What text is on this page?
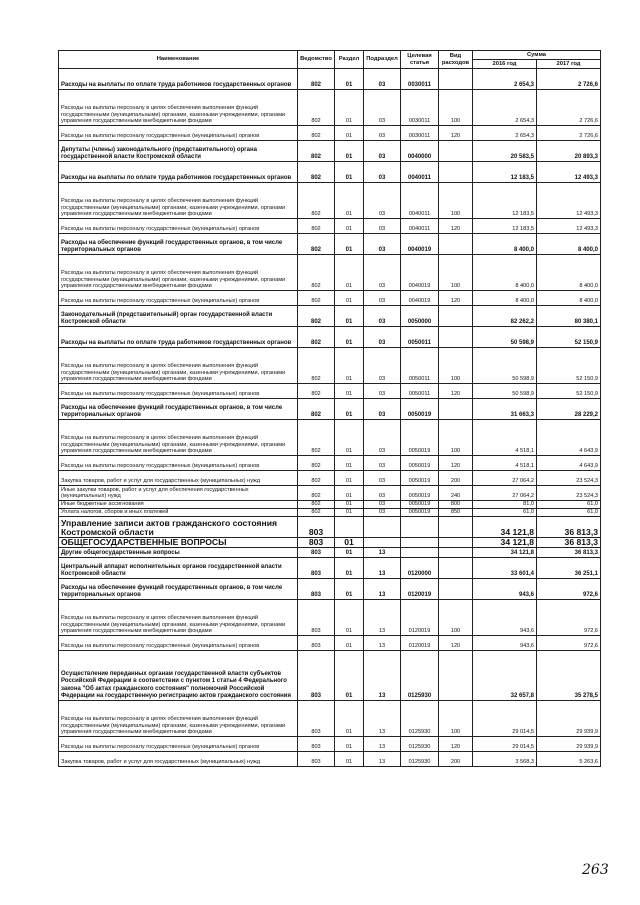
Наименование	Ведомство	Раздел	Подраздел	Целевая статья	Вид расходов	Сумма	
						2016 год	2017 год
Расходы на выплаты по оплате труда работников государственных органов	802	01	03	0030011		2 654,3	2 726,6
Расходы на выплаты персоналу в целях обеспечения выполнения функций государственными (муниципальными) органами, казенными учреждениями, органами управления государственными внебюджетными фондами	802	01	03	0030011	100	2 654,3	2 726,6
Расходы на выплаты персоналу государственных (муниципальных) органов	802	01	03	0030011	120	2 654,3	2 726,6
Депутаты (члены) законодательного (представительного) органа государственной власти Костромской области	802	01	03	0040000		20 583,5	20 893,3
Расходы на выплаты по оплате труда работников государственных органов	802	01	03	0040011		12 183,5	12 493,3
Расходы на выплаты персоналу в целях обеспечения выполнения функций государственными (муниципальными) органами, казенными учреждениями, органами управления государственными внебюджетными фондами	802	01	03	0040011	100	12 183,5	12 493,3
Расходы на выплаты персоналу государственных (муниципальных) органов	802	01	03	0040011	120	12 183,5	12 493,3
Расходы на обеспечение функций государственных органов, в том числе территориальных органов	802	01	03	0040019		8 400,0	8 400,0
Расходы на выплаты персоналу в целях обеспечения выполнения функций государственными (муниципальными) органами, казенными учреждениями, органами управления государственными внебюджетными фондами	802	01	03	0040019	100	8 400,0	8 400,0
Расходы на выплаты персоналу государственных (муниципальных) органов	802	01	03	0040019	120	8 400,0	8 400,0
Законодательный (представительный) орган государственной власти Костромской области	802	01	03	0050000		82 262,2	80 380,1
Расходы на выплаты по оплате труда работников государственных органов	802	01	03	0050011		50 598,9	52 150,9
Расходы на выплаты персоналу в целях обеспечения выполнения функций государственными (муниципальными) органами, казенными учреждениями, органами управления государственными внебюджетными фондами	802	01	03	0050011	100	50 598,9	52 150,9
Расходы на выплаты персоналу государственных (муниципальных) органов	802	01	03	0050011	120	50 598,9	52 150,9
Расходы на обеспечение функций государственных органов, в том числе территориальных органов	802	01	03	0050019		31 663,3	28 229,2
Расходы на выплаты персоналу в целях обеспечения выполнения функций государственными (муниципальными) органами, казенными учреждениями, органами управления государственными внебюджетными фондами	802	01	03	0050019	100	4 518,1	4 643,9
Расходы на выплаты персоналу государственных (муниципальных) органов	802	01	03	0050019	120	4 518,1	4 643,9
Закупка товаров, работ и услуг для государственных (муниципальных) нужд	802	01	03	0050019	200	27 064,2	23 524,3
Иные закупки товаров, работ и услуг для обеспечения государственных (муниципальных) нужд	802	01	03	0050019	240	27 064,2	23 524,3
Иные бюджетные ассигнования	802	01	03	0050019	800	81,0	61,0
Уплата налогов, сборов и иных платежей	802	01	03	0050019	850	61,0	61,0
Управление записи актов гражданского состояния Костромской области	803					34 121,8	36 813,3
ОБЩЕГОСУДАРСТВЕННЫЕ ВОПРОСЫ	803	01				34 121,8	36 813,3
Другие общегосударственные вопросы	803	01	13			34 121,8	36 813,3
Центральный аппарат исполнительных органов государственной власти Костромской области	803	01	13	0120000		33 601,4	36 251,1
Расходы на обеспечение функций государственных органов, в том числе территориальных органов	803	01	13	0120019		943,6	972,6
Расходы на выплаты персоналу в целях обеспечения выполнения функций государственными (муниципальными) органами, казенными учреждениями, органами управления государственными внебюджетными фондами	803	01	13	0120019	100	943,6	972,6
Расходы на выплаты персоналу государственных (муниципальных) органов	803	01	13	0120019	120	943,6	972,6
Осуществление переданных органам государственной власти субъектов Российской Федерации в соответствии с пунктом 1 статьи 4 Федерального закона "Об актах гражданского состояния" полномочий Российской Федерации на государственную регистрацию актов гражданского состояния	803	01	13	0125930		32 657,8	35 278,5
Расходы на выплаты персоналу в целях обеспечения выполнения функций государственными (муниципальными) органами, казенными учреждениями, органами управления государственными внебюджетными фондами	803	01	13	0125930	100	29 014,5	29 939,9
Расходы на выплаты персоналу государственных (муниципальных) органов	803	01	13	0125930	120	29 014,5	29 939,9
Закупка товаров, работ и услуг для государственных (муниципальных) нужд	803	01	13	0125930	200	3 568,3	5 263,6
263
